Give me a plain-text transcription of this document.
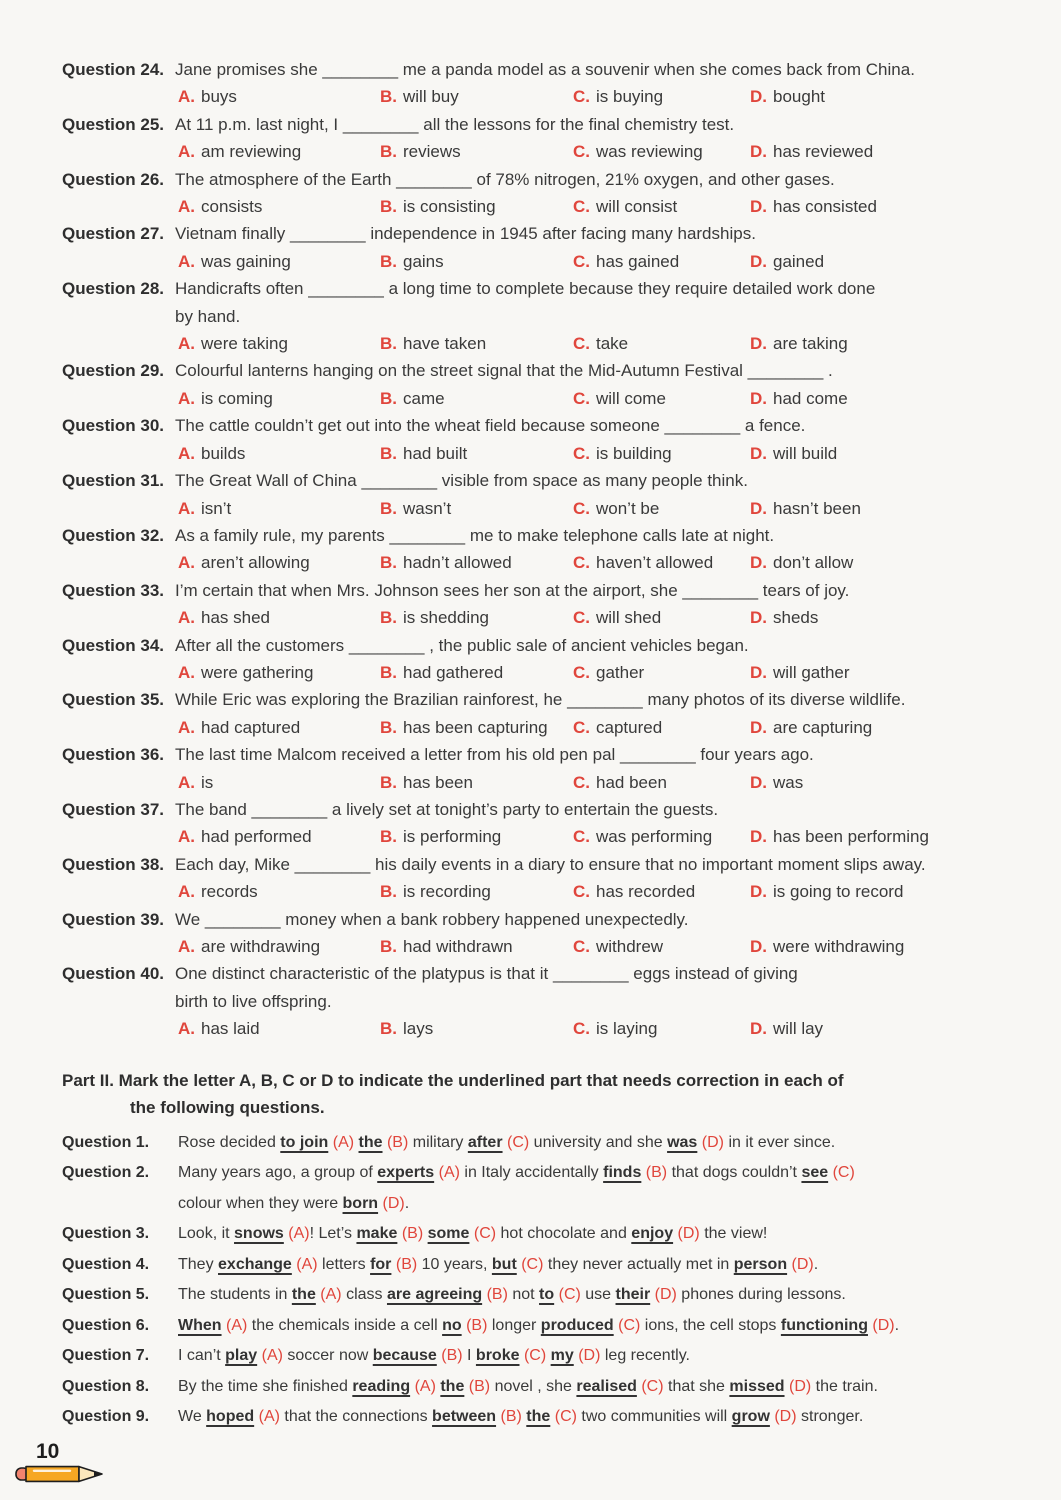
Question 24. Jane promises she ________ me a panda model as a souvenir when she comes back from China.
A. buys	B. will buy	C. is buying	D. bought
Question 25. At 11 p.m. last night, I ________ all the lessons for the final chemistry test.
A. am reviewing	B. reviews	C. was reviewing	D. has reviewed
Question 26. The atmosphere of the Earth ________ of 78% nitrogen, 21% oxygen, and other gases.
A. consists	B. is consisting	C. will consist	D. has consisted
Question 27. Vietnam finally ________ independence in 1945 after facing many hardships.
A. was gaining	B. gains	C. has gained	D. gained
Question 28. Handicrafts often ________ a long time to complete because they require detailed work done
by hand.
A. were taking	B. have taken	C. take	D. are taking
Question 29. Colourful lanterns hanging on the street signal that the Mid-Autumn Festival ________ .
A. is coming	B. came	C. will come	D. had come
Question 30. The cattle couldn’t get out into the wheat field because someone ________ a fence.
A. builds	B. had built	C. is building	D. will build
Question 31. The Great Wall of China ________ visible from space as many people think.
A. isn’t	B. wasn’t	C. won’t be	D. hasn’t been
Question 32. As a family rule, my parents ________ me to make telephone calls late at night.
A. aren’t allowing	B. hadn’t allowed	C. haven’t allowed	D. don’t allow
Question 33. I’m certain that when Mrs. Johnson sees her son at the airport, she ________ tears of joy.
A. has shed	B. is shedding	C. will shed	D. sheds
Question 34. After all the customers ________ , the public sale of ancient vehicles began.
A. were gathering	B. had gathered	C. gather	D. will gather
Question 35. While Eric was exploring the Brazilian rainforest, he ________ many photos of its diverse wildlife.
A. had captured	B. has been capturing	C. captured	D. are capturing
Question 36. The last time Malcom received a letter from his old pen pal ________ four years ago.
A. is	B. has been	C. had been	D. was
Question 37. The band ________ a lively set at tonight’s party to entertain the guests.
A. had performed	B. is performing	C. was performing	D. has been performing
Question 38. Each day, Mike ________ his daily events in a diary to ensure that no important moment slips away.
A. records	B. is recording	C. has recorded	D. is going to record
Question 39. We ________ money when a bank robbery happened unexpectedly.
A. are withdrawing	B. had withdrawn	C. withdrew	D. were withdrawing
Question 40. One distinct characteristic of the platypus is that it ________ eggs instead of giving
birth to live offspring.
A. has laid	B. lays	C. is laying	D. will lay
Part II. Mark the letter A, B, C or D to indicate the underlined part that needs correction in each of
the following questions.
Question 1.	Rose decided to join (A) the (B) military after (C) university and she was (D) in it ever since.
Question 2.	Many years ago, a group of experts (A) in Italy accidentally finds (B) that dogs couldn’t see (C)
colour when they were born (D).
Question 3.	Look, it snows (A)! Let’s make (B) some (C) hot chocolate and enjoy (D) the view!
Question 4.	They exchange (A) letters for (B) 10 years, but (C) they never actually met in person (D).
Question 5.	The students in the (A) class are agreeing (B) not to (C) use their (D) phones during lessons.
Question 6.	When (A) the chemicals inside a cell no (B) longer produced (C) ions, the cell stops functioning (D).
Question 7.	I can’t play (A) soccer now because (B) I broke (C) my (D) leg recently.
Question 8.	By the time she finished reading (A) the (B) novel , she realised (C) that she missed (D) the train.
Question 9.	We hoped (A) that the connections between (B) the (C) two communities will grow (D) stronger.
10
